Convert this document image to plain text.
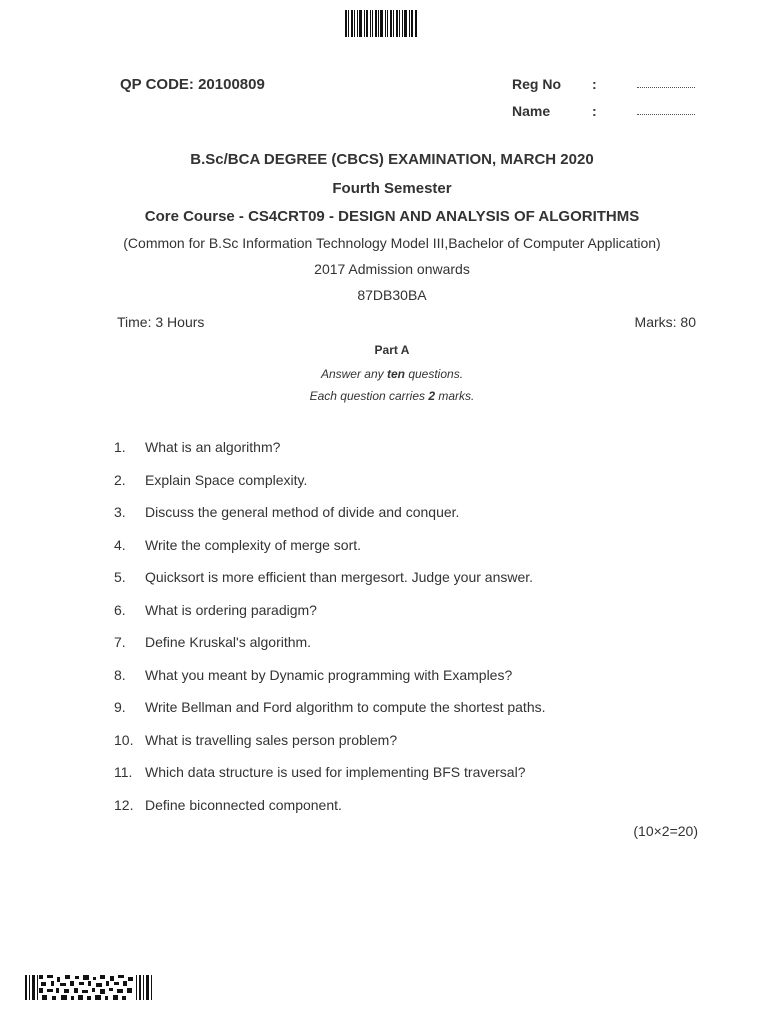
QP CODE: 20100809	Reg No :
Name	:
B.Sc/BCA DEGREE (CBCS) EXAMINATION, MARCH 2020
Fourth Semester
Core Course - CS4CRT09 - DESIGN AND ANALYSIS OF ALGORITHMS
(Common for B.Sc Information Technology Model III,Bachelor of Computer Application)
2017 Admission onwards
87DB30BA
Time: 3 Hours	Marks: 80
Part A
Answer any ten questions.
Each question carries 2 marks.
1. What is an algorithm?
2. Explain Space complexity.
3. Discuss the general method of divide and conquer.
4. Write the complexity of merge sort.
5. Quicksort is more efficient than mergesort. Judge your answer.
6. What is ordering paradigm?
7. Define Kruskal's algorithm.
8. What you meant by Dynamic programming with Examples?
9. Write Bellman and Ford algorithm to compute the shortest paths.
10. What is travelling sales person problem?
11. Which data structure is used for implementing BFS traversal?
12. Define biconnected component.
(10×2=20)
